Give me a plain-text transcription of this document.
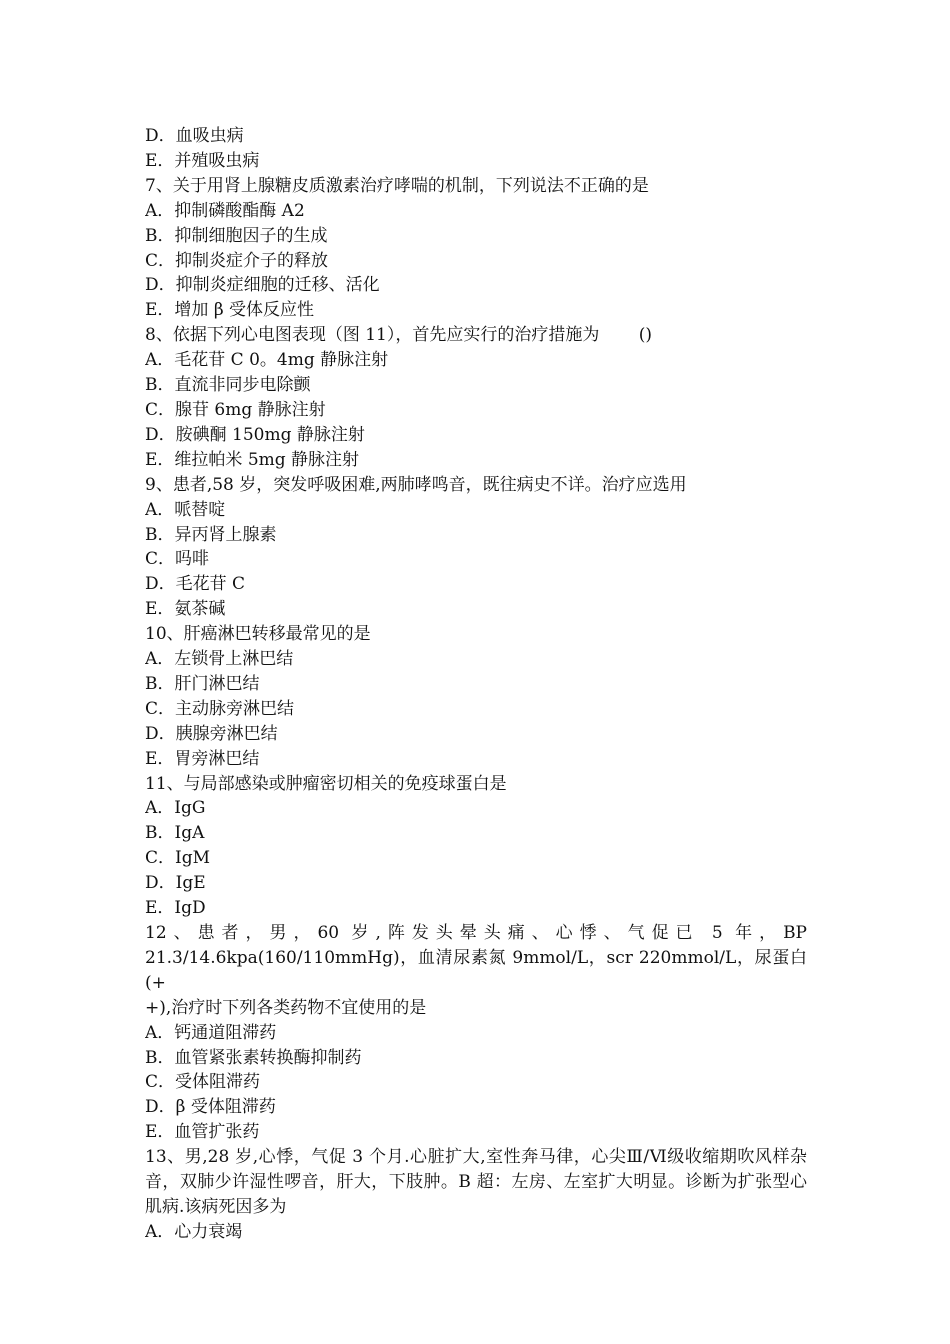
D．血吸虫病
E．并殖吸虫病
7、关于用肾上腺糖皮质激素治疗哮喘的机制，下列说法不正确的是
A．抑制磷酸酯酶 A2
B．抑制细胞因子的生成
C．抑制炎症介子的释放
D．抑制炎症细胞的迁移、活化
E．增加 β 受体反应性
8、依据下列心电图表现（图 11），首先应实行的治疗措施为　　 ()
A．毛花苷 C 0。4mg 静脉注射
B．直流非同步电除颤
C．腺苷 6mg 静脉注射
D．胺碘酮 150mg 静脉注射
E．维拉帕米 5mg 静脉注射
9、患者,58 岁，突发呼吸困难,两肺哮鸣音，既往病史不详。治疗应选用
A．哌替啶
B．异丙肾上腺素
C．吗啡
D．毛花苷 C
E．氨茶碱
10、肝癌淋巴转移最常见的是
A．左锁骨上淋巴结
B．肝门淋巴结
C．主动脉旁淋巴结
D．胰腺旁淋巴结
E．胃旁淋巴结
11、与局部感染或肿瘤密切相关的免疫球蛋白是
A．IgG
B．IgA
C．IgM
D．IgE
E．IgD
12、患者，男，60 岁,阵发头晕头痛、心悸、气促已 5 年，BP
21.3/14.6kpa(160/110mmHg)，血清尿素氮 9mmol/L，scr 220mmol/L，尿蛋白(+
+),治疗时下列各类药物不宜使用的是
A．钙通道阻滞药
B．血管紧张素转换酶抑制药
C．受体阻滞药
D．β 受体阻滞药
E．血管扩张药
13、男,28 岁,心悸，气促 3 个月.心脏扩大,室性奔马律，心尖Ⅲ/Ⅵ级收缩期吹风样杂音，双肺少许湿性啰音，肝大，下肢肿。B 超：左房、左室扩大明显。诊断为扩张型心肌病.该病死因多为
A．心力衰竭
